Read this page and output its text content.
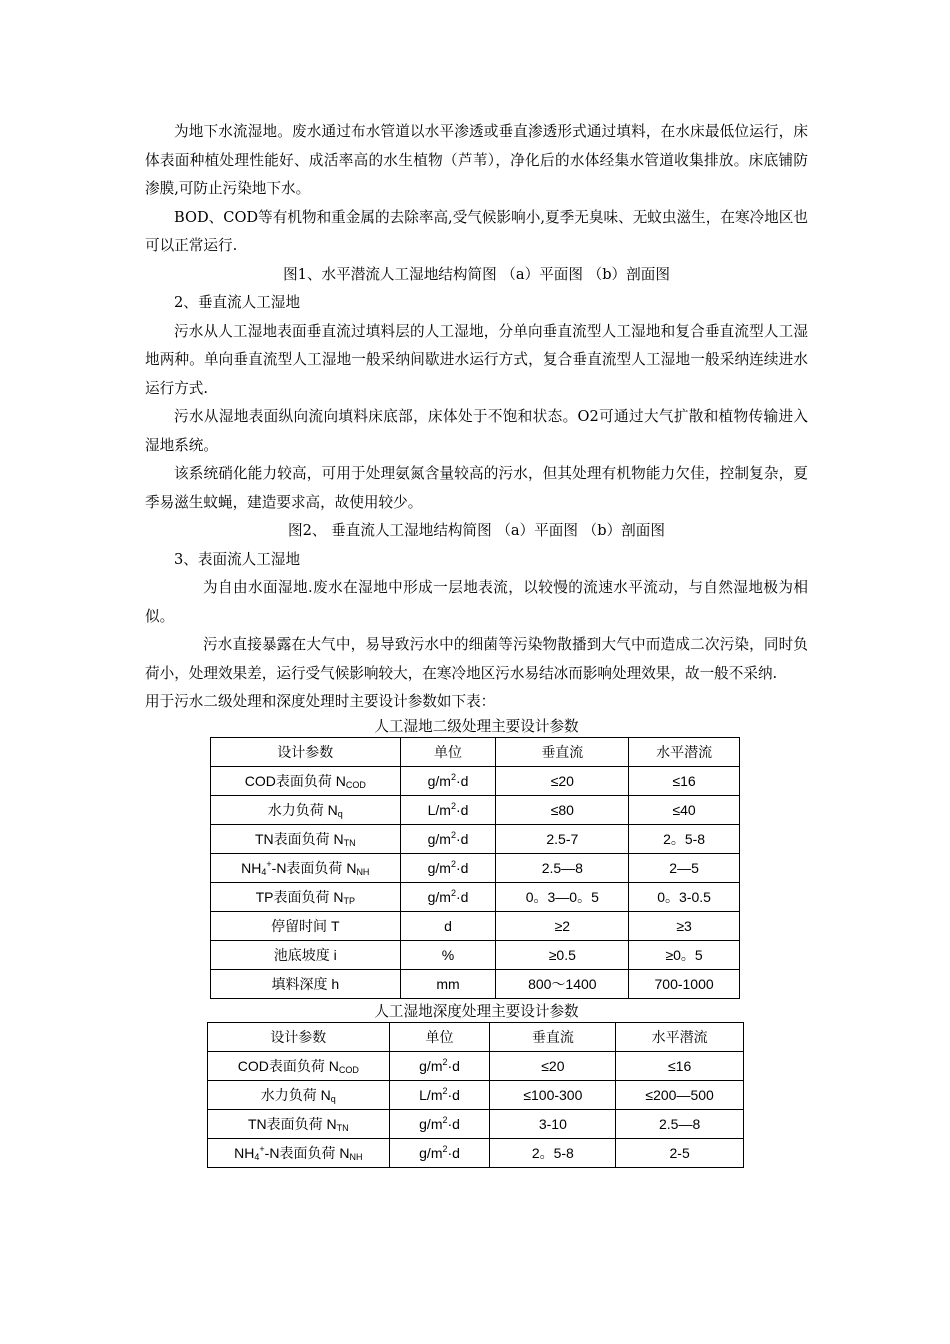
为地下水流湿地。废水通过布水管道以水平渗透或垂直渗透形式通过填料，在水床最低位运行，床体表面种植处理性能好、成活率高的水生植物（芦苇），净化后的水体经集水管道收集排放。床底铺防渗膜,可防止污染地下水。

BOD、COD等有机物和重金属的去除率高,受气候影响小,夏季无臭味、无蚊虫滋生，在寒冷地区也可以正常运行.

图1、水平潜流人工湿地结构简图 （a）平面图 （b）剖面图

2、垂直流人工湿地

污水从人工湿地表面垂直流过填料层的人工湿地，分单向垂直流型人工湿地和复合垂直流型人工湿地两种。单向垂直流型人工湿地一般采纳间歇进水运行方式，复合垂直流型人工湿地一般采纳连续进水运行方式.

污水从湿地表面纵向流向填料床底部，床体处于不饱和状态。O2可通过大气扩散和植物传输进入湿地系统。

该系统硝化能力较高，可用于处理氨氮含量较高的污水，但其处理有机物能力欠佳，控制复杂，夏季易滋生蚊蝇，建造要求高，故使用较少。

图2、 垂直流人工湿地结构简图 （a）平面图 （b）剖面图

3、表面流人工湿地

为自由水面湿地.废水在湿地中形成一层地表流，以较慢的流速水平流动，与自然湿地极为相似。

污水直接暴露在大气中，易导致污水中的细菌等污染物散播到大气中而造成二次污染，同时负荷小，处理效果差，运行受气候影响较大，在寒冷地区污水易结冰而影响处理效果，故一般不采纳.

用于污水二级处理和深度处理时主要设计参数如下表：

人工湿地二级处理主要设计参数

设计参数	单位	垂直流	水平潜流
COD表面负荷 $N_{COD}$	$g/m^2\cdot d$	≤20	≤16
水力负荷 $N_q$	$L/m^2\cdot d$	≤80	≤40
TN表面负荷 $N_{TN}$	$g/m^2\cdot d$	2.5-7	2。5-8
$NH_4^+-N$表面负荷 $N_{NH}$	$g/m^2\cdot d$	2.5—8	2—5
TP表面负荷 $N_{TP}$	$g/m^2\cdot d$	0。3—0。5	0。3-0.5
停留时间 T	d	≥2	≥3
池底坡度 i	%	≥0.5	≥0。5
填料深度 h	mm	800～1400	700-1000

人工湿地深度处理主要设计参数

设计参数	单位	垂直流	水平潜流
COD表面负荷 $N_{COD}$	$g/m^2\cdot d$	≤20	≤16
水力负荷 $N_q$	$L/m^2\cdot d$	≤100-300	≤200—500
TN表面负荷 $N_{TN}$	$g/m^2\cdot d$	3-10	2.5—8
$NH_4^+-N$表面负荷 $N_{NH}$	$g/m^2\cdot d$	2。5-8	2-5
